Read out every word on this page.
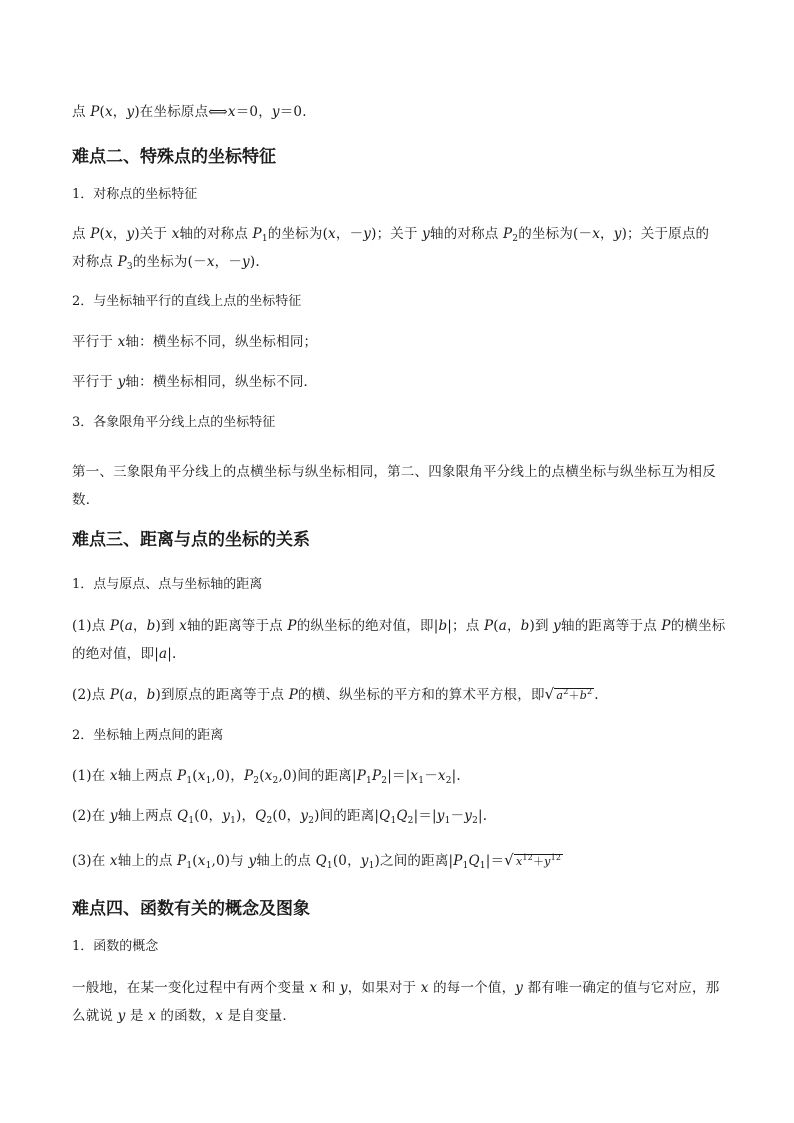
点 P(x，y)在坐标原点⟺x＝0，y＝0.

难点二、特殊点的坐标特征
1．对称点的坐标特征

点 P(x，y)关于 x轴的对称点 $P_1$的坐标为(x，－y)；关于 y轴的对称点 $P_2$的坐标为(－x，y)；关于原点的
对称点 $P_3$的坐标为(－x，－y).

2．与坐标轴平行的直线上点的坐标特征

平行于 x轴：横坐标不同，纵坐标相同；

平行于 y轴：横坐标相同，纵坐标不同．

3．各象限角平分线上点的坐标特征

第一、三象限角平分线上的点横坐标与纵坐标相同，第二、四象限角平分线上的点横坐标与纵坐标互为相反数．

难点三、距离与点的坐标的关系
1．点与原点、点与坐标轴的距离

(1)点 P(a，b)到 x轴的距离等于点 P的纵坐标的绝对值，即|b|；点 P(a，b)到 y轴的距离等于点 P的横坐标的绝对值，即|a|.

(2)点 P(a，b)到原点的距离等于点 P的横、纵坐标的平方和的算术平方根，即√ $a^2+b^2$ .

2．坐标轴上两点间的距离

(1)在 x轴上两点 $P_1(x_1,0)$，$P_2(x_2,0)$间的距离$|P_1P_2|=|x_1-x_2|$.

(2)在 y轴上两点 $Q_1(0$，$y_1$)，$Q_2(0$，$y_2$)间的距离$|Q_1Q_2|=|y_1-y_2|$.

(3)在 x轴上的点 $P_1(x_1,0)$与 y轴上的点 $Q_1(0$，$y_1$)之间的距离$|P_1Q_1|=√$ $x^{12}+y^{12}$

难点四、函数有关的概念及图象
1．函数的概念

一般地，在某一变化过程中有两个变量 x 和 y，如果对于 x 的每一个值，y 都有唯一确定的值与它对应，那么就说 y 是 x 的函数，x 是自变量．
